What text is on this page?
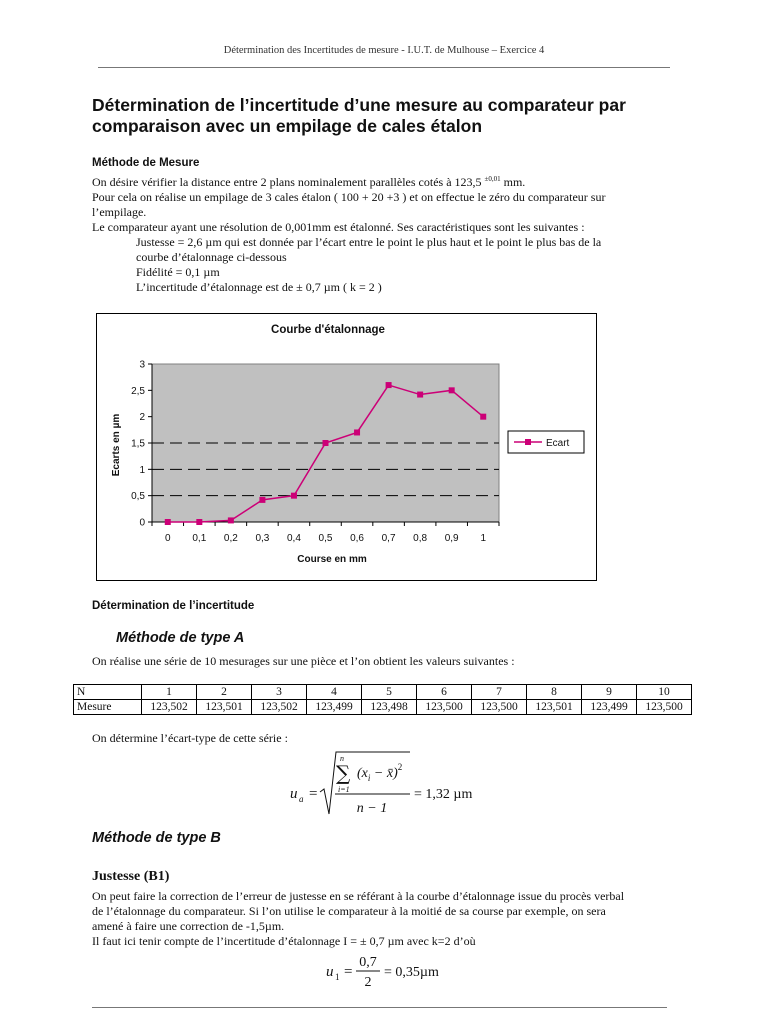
Détermination des Incertitudes de mesure - I.U.T. de Mulhouse – Exercice 4
Détermination de l’incertitude d’une mesure au comparateur par
comparaison avec un empilage de cales étalon
Méthode de Mesure
On désire vérifier la distance entre 2 plans nominalement parallèles cotés à 123,5 $^{\pm 0,01}$ mm.
Pour cela on réalise un empilage de 3 cales étalon ( 100 + 20 +3 ) et on effectue le zéro du comparateur sur
l’empilage.
Le comparateur ayant une résolution de 0,001mm est étalonné. Ses caractéristiques sont les suivantes :
Justesse = 2,6 µm qui est donnée par l’écart entre le point le plus haut et le point le plus bas de la
courbe d’étalonnage ci-dessous
Fidélité = 0,1 µm
L’incertitude d’étalonnage est de ± 0,7 µm ( k = 2 )
Courbe d'étalonnage
0
0,5
1
1,5
2
2,5
3
0 0,1 0,2 0,3 0,4 0,5 0,6 0,7 0,8 0,9 1
Course en mm
Ecarts en µm	Ecart
Détermination de l’incertitude
Méthode de type A
On réalise une série de 10 mesurages sur une pièce et l’on obtient les valeurs suivantes :
N	1	2	3	4	5	6	7	8	9	10
Mesure	123,502	123,501	123,502	123,499	123,498	123,500	123,500	123,501	123,499	123,500
On détermine l’écart-type de cette série :
u a =
n
∑
i=1
($x_i$ − x̄)$^2$
n − 1
= 1,32 µm
Méthode de type B
Justesse (B1)
On peut faire la correction de l’erreur de justesse en se référant à la courbe d’étalonnage issue du procès verbal
de l’étalonnage du comparateur. Si l’on utilise le comparateur à la moitié de sa course par exemple, on sera
amené à faire une correction de -1,5µm.
Il faut ici tenir compte de l’incertitude d’étalonnage I = ± 0,7 µm avec k=2 d’où
u 1 =
0,7
2
= 0,35µm
